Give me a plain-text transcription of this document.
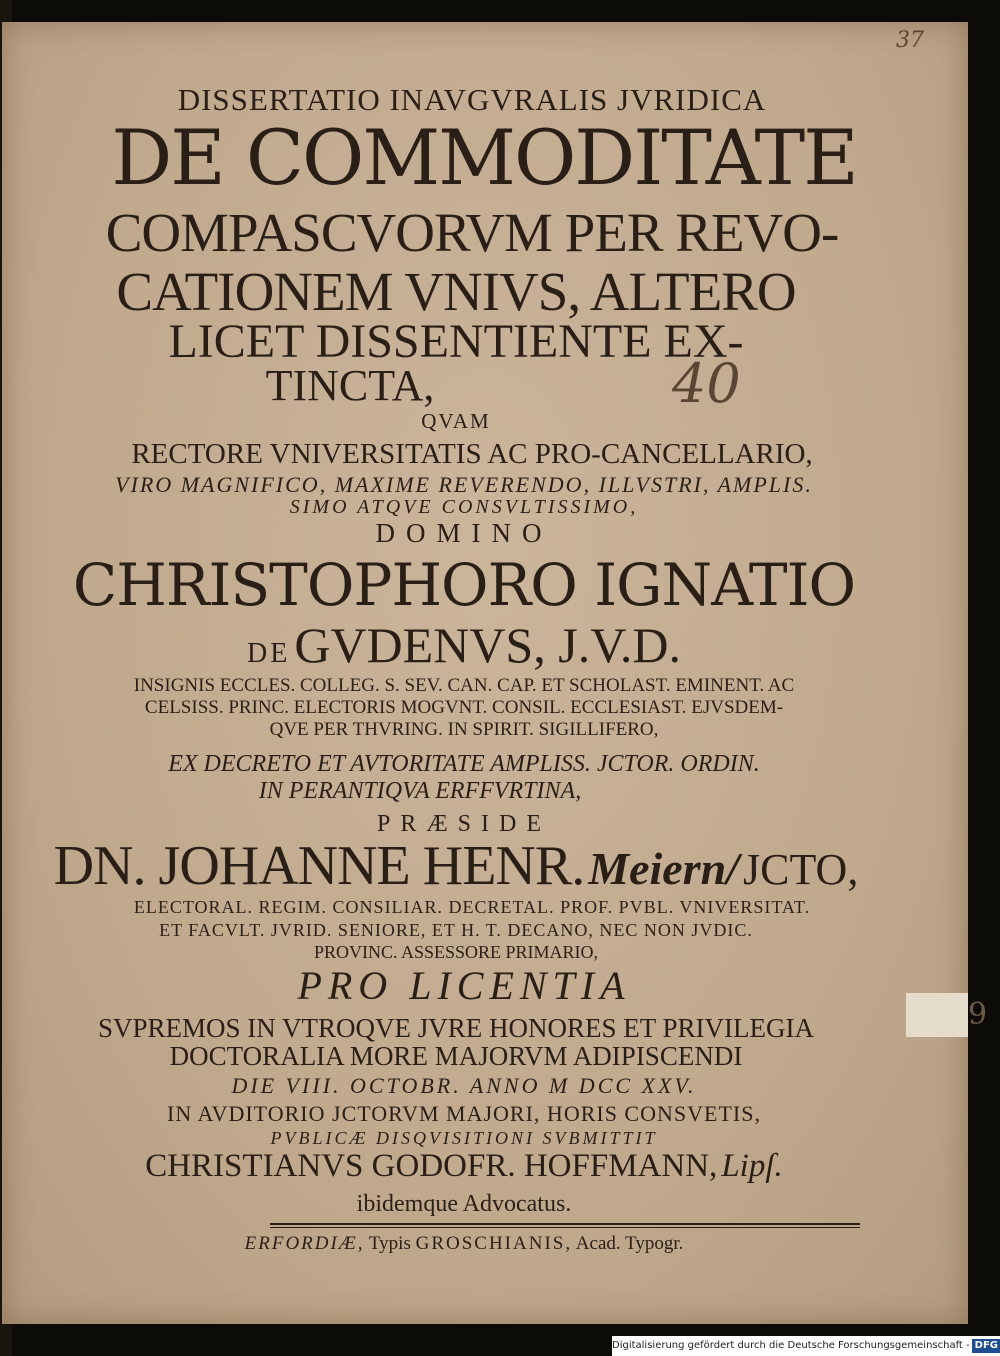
9
DISSERTATIO INAVGVRALIS JVRIDICA
DE COMMODITATE
COMPASCVORVM PER REVO-
CATIONEM VNIVS, ALTERO
LICET DISSENTIENTE EX-
TINCTA,	40
37
QVAM
RECTORE VNIVERSITATIS AC PRO-CANCELLARIO,
VIRO MAGNIFICO, MAXIME REVERENDO, ILLVSTRI, AMPLIS.
SIMO ATQVE CONSVLTISSIMO,
DOMINO
CHRISTOPHORO IGNATIO
DE GVDENVS, J.V.D.
INSIGNIS ECCLES. COLLEG. S. SEV. CAN. CAP. ET SCHOLAST. EMINENT. AC
CELSISS. PRINC. ELECTORIS MOGVNT. CONSIL. ECCLESIAST. EJVSDEM-
QVE PER THVRING. IN SPIRIT. SIGILLIFERO,
EX DECRETO ET AVTORITATE AMPLISS. JCTOR. ORDIN.
IN PERANTIQVA ERFFVRTINA,
PRÆSIDE
DN. JOHANNE HENR. Meiern/ JCTO,
ELECTORAL. REGIM. CONSILIAR. DECRETAL. PROF. PVBL. VNIVERSITAT.
ET FACVLT. JVRID. SENIORE, ET H. T. DECANO, NEC NON JVDIC.
PROVINC. ASSESSORE PRIMARIO,
PRO LICENTIA
SVPREMOS IN VTROQVE JVRE HONORES ET PRIVILEGIA
DOCTORALIA MORE MAJORVM ADIPISCENDI
DIE VIII. OCTOBR. ANNO M DCC XXV.
IN AVDITORIO JCTORVM MAJORI, HORIS CONSVETIS,
PVBLICÆ DISQVISITIONI SVBMITTIT
CHRISTIANVS GODOFR. HOFFMANN, Lipſ.
ibidemque Advocatus.
ERFORDIÆ, Typis GROSCHIANIS, Acad. Typogr.
Digitalisierung gefördert durch die Deutsche Forschungsgemeinschaft - DFG
